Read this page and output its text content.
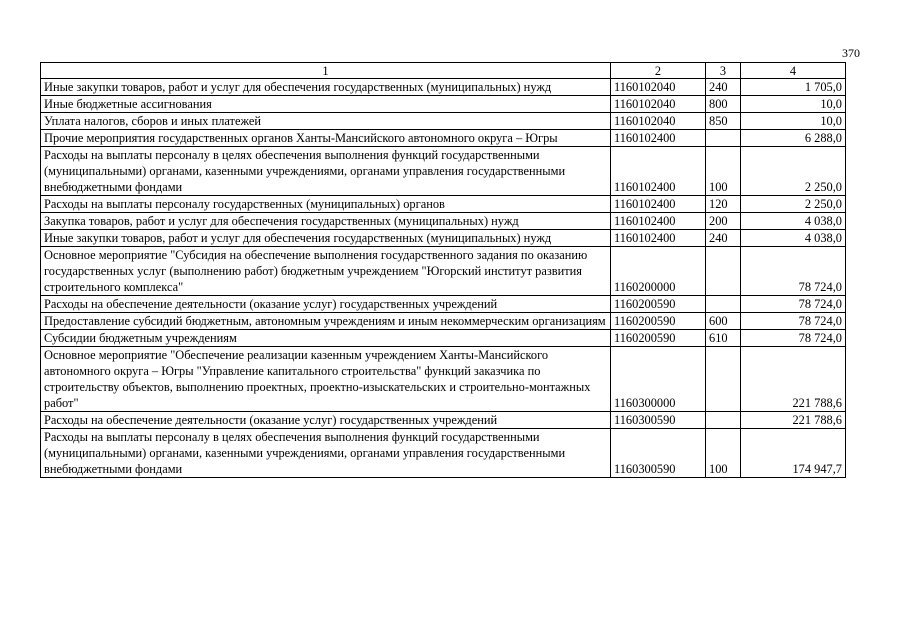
370
1	2	3	4
Иные закупки товаров, работ и услуг для обеспечения государственных (муниципальных) нужд	1160102040	240	1 705,0
Иные бюджетные ассигнования	1160102040	800	10,0
Уплата налогов, сборов и иных платежей	1160102040	850	10,0
Прочие мероприятия государственных органов Ханты-Мансийского автономного округа – Югры	1160102400		6 288,0
Расходы на выплаты персоналу в целях обеспечения выполнения функций государственными (муниципальными) органами, казенными учреждениями, органами управления государственными внебюджетными фондами	1160102400	100	2 250,0
Расходы на выплаты персоналу государственных (муниципальных) органов	1160102400	120	2 250,0
Закупка товаров, работ и услуг для обеспечения государственных (муниципальных) нужд	1160102400	200	4 038,0
Иные закупки товаров, работ и услуг для обеспечения государственных (муниципальных) нужд	1160102400	240	4 038,0
Основное мероприятие "Субсидия на обеспечение выполнения государственного задания по оказанию государственных услуг (выполнению работ) бюджетным учреждением "Югорский институт развития строительного комплекса"	1160200000		78 724,0
Расходы на обеспечение деятельности (оказание услуг) государственных учреждений	1160200590		78 724,0
Предоставление субсидий бюджетным, автономным учреждениям и иным некоммерческим организациям	1160200590	600	78 724,0
Субсидии бюджетным учреждениям	1160200590	610	78 724,0
Основное мероприятие "Обеспечение реализации казенным учреждением Ханты-Мансийского автономного округа – Югры "Управление капитального строительства" функций заказчика по строительству объектов, выполнению проектных, проектно-изыскательских и строительно-монтажных работ"	1160300000		221 788,6
Расходы на обеспечение деятельности (оказание услуг) государственных учреждений	1160300590		221 788,6
Расходы на выплаты персоналу в целях обеспечения выполнения функций государственными (муниципальными) органами, казенными учреждениями, органами управления государственными внебюджетными фондами	1160300590	100	174 947,7
